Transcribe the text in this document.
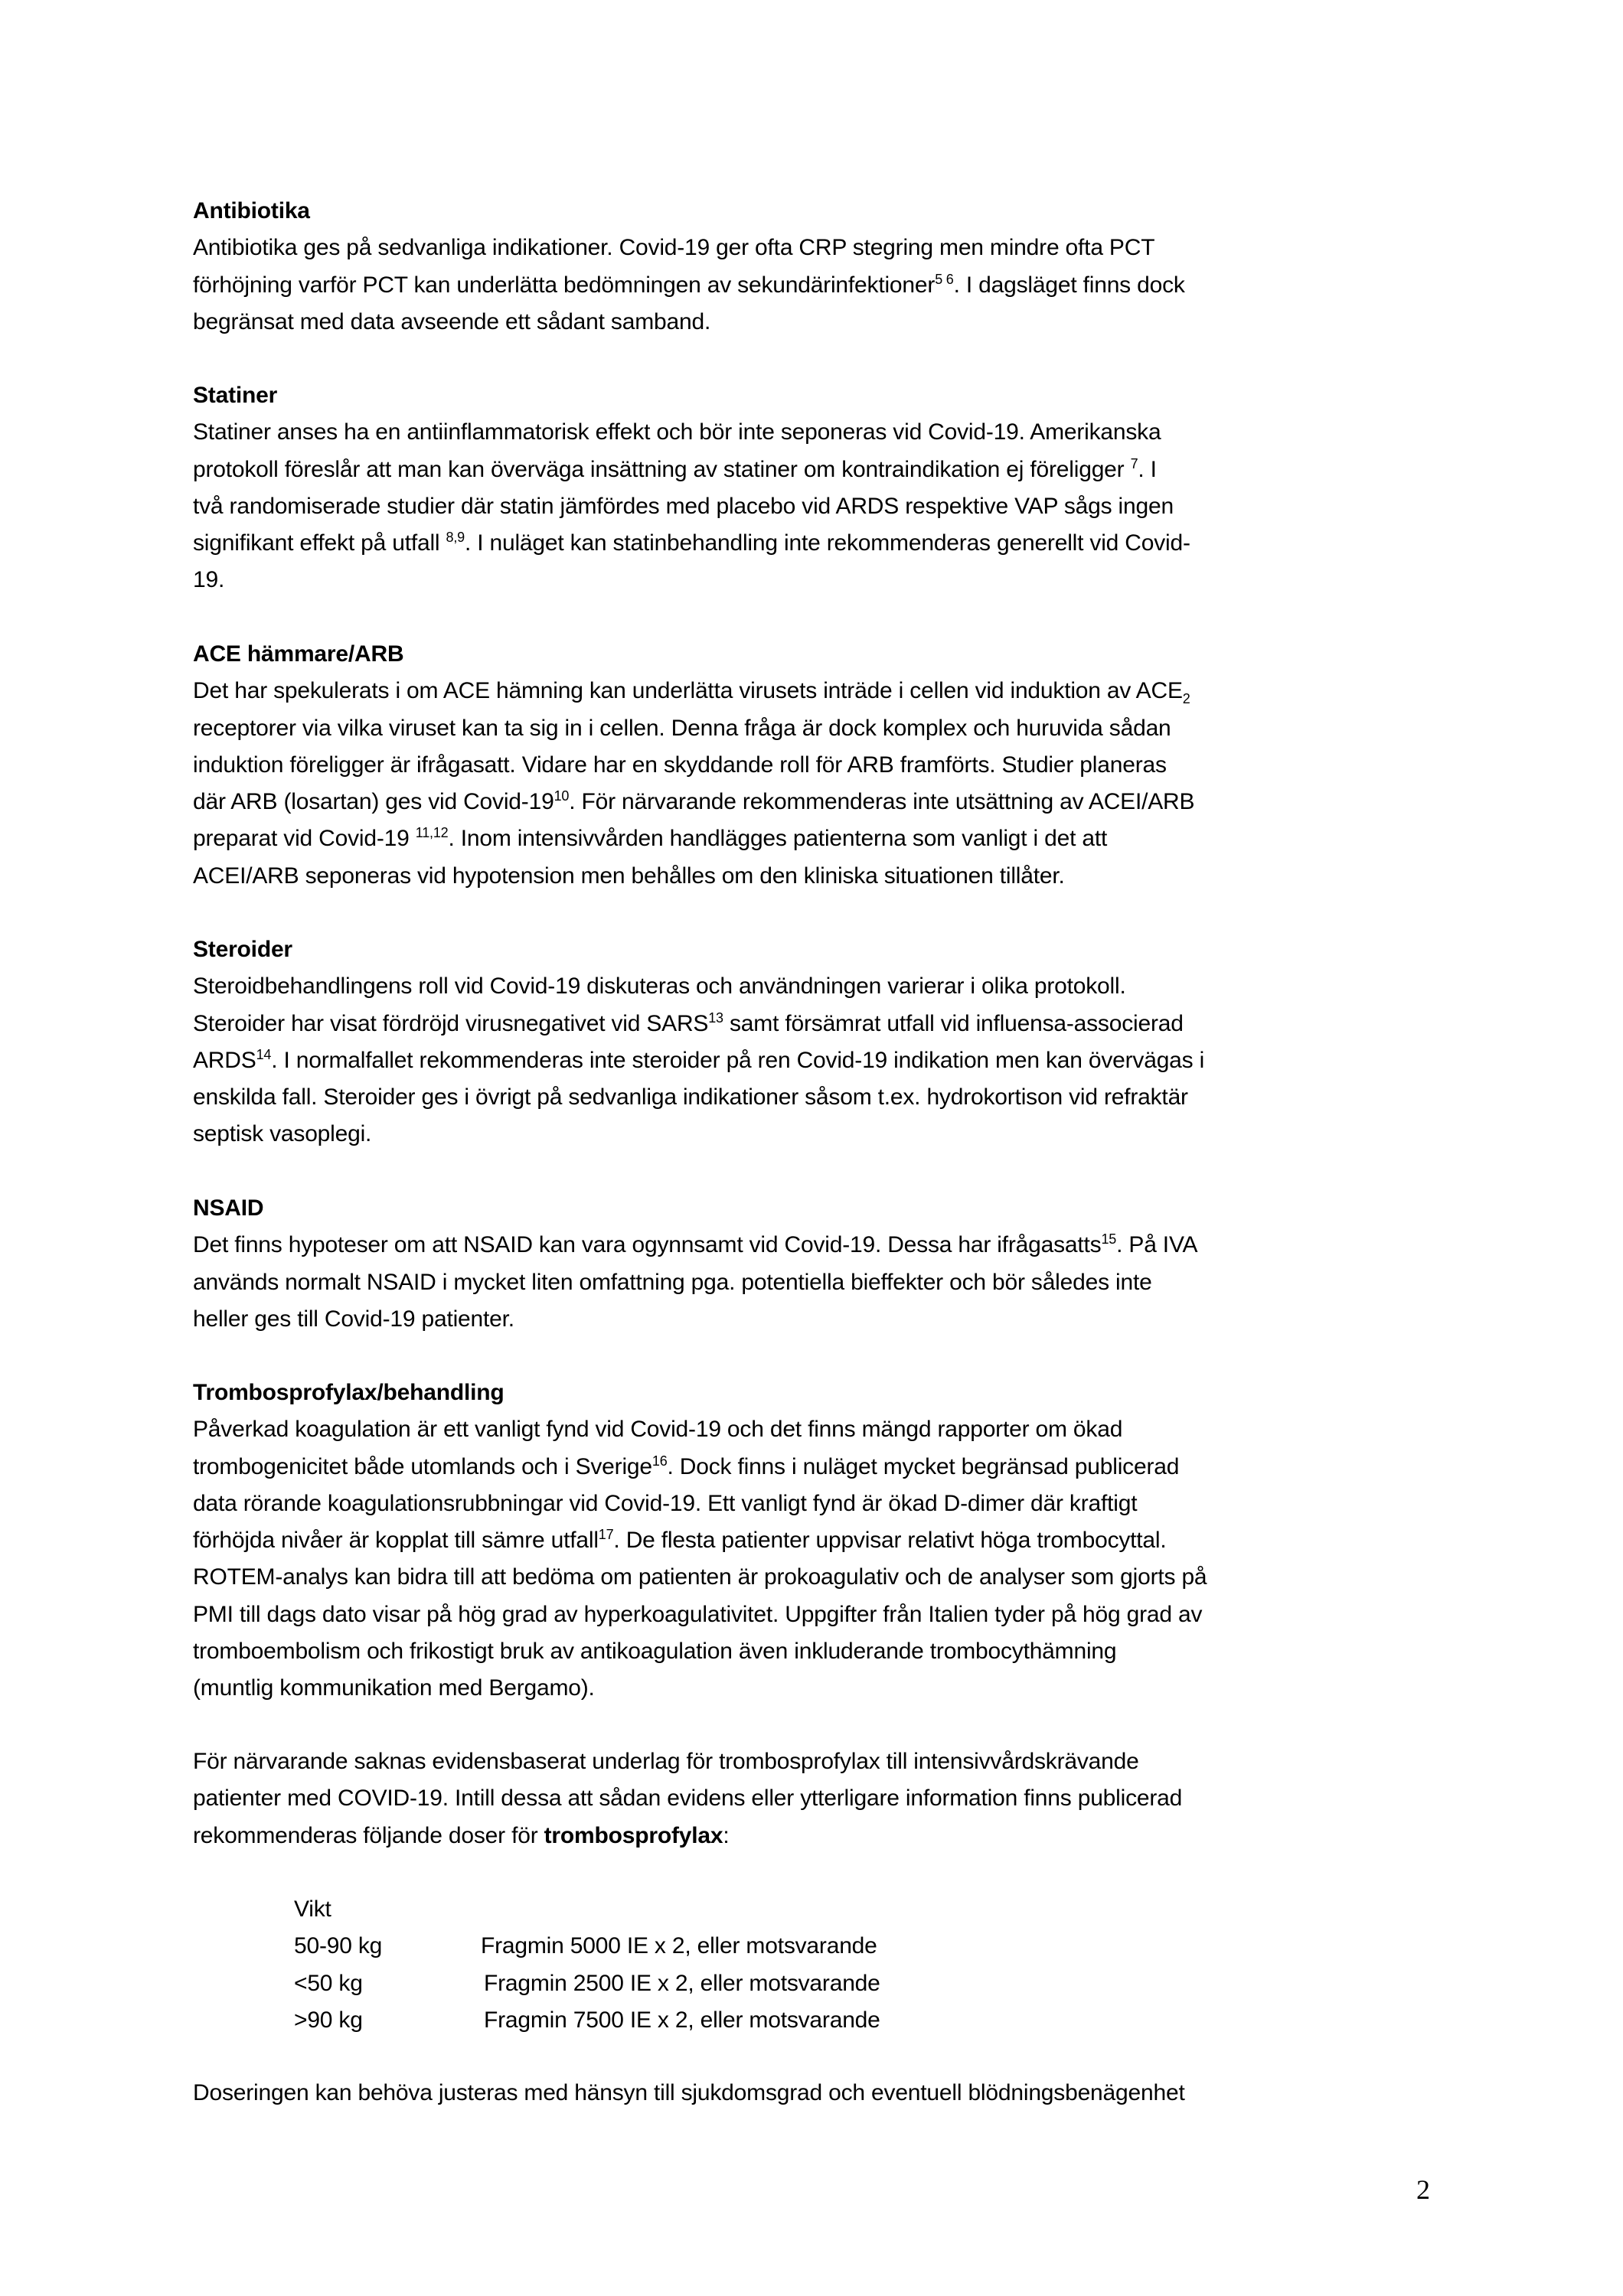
Antibiotika
Antibiotika ges på sedvanliga indikationer. Covid-19 ger ofta CRP stegring men mindre ofta PCT
förhöjning varför PCT kan underlätta bedömningen av sekundärinfektioner$^{5 6}$. I dagsläget finns dock
begränsat med data avseende ett sådant samband.
Statiner
Statiner anses ha en antiinflammatorisk effekt och bör inte seponeras vid Covid-19. Amerikanska
protokoll föreslår att man kan överväga insättning av statiner om kontraindikation ej föreligger $^7$. I
två randomiserade studier där statin jämfördes med placebo vid ARDS respektive VAP sågs ingen
signifikant effekt på utfall $^{8,9}$. I nuläget kan statinbehandling inte rekommenderas generellt vid Covid-
19.
ACE hämmare/ARB
Det har spekulerats i om ACE hämning kan underlätta virusets inträde i cellen vid induktion av $ACE_2$
receptorer via vilka viruset kan ta sig in i cellen. Denna fråga är dock komplex och huruvida sådan
induktion föreligger är ifrågasatt. Vidare har en skyddande roll för ARB framförts. Studier planeras
där ARB (losartan) ges vid Covid-$19^{10}$. För närvarande rekommenderas inte utsättning av ACEI/ARB
preparat vid Covid-19 $^{11,12}$. Inom intensivvården handlägges patienterna som vanligt i det att
ACEI/ARB seponeras vid hypotension men behålles om den kliniska situationen tillåter.
Steroider
Steroidbehandlingens roll vid Covid-19 diskuteras och användningen varierar i olika protokoll.
Steroider har visat fördröjd virusnegativet vid SARS$^{13}$ samt försämrat utfall vid influensa-associerad
ARDS$^{14}$. I normalfallet rekommenderas inte steroider på ren Covid-19 indikation men kan övervägas i
enskilda fall. Steroider ges i övrigt på sedvanliga indikationer såsom t.ex. hydrokortison vid refraktär
septisk vasoplegi.
NSAID
Det finns hypoteser om att NSAID kan vara ogynnsamt vid Covid-19. Dessa har ifrågasatts$^{15}$. På IVA
används normalt NSAID i mycket liten omfattning pga. potentiella bieffekter och bör således inte
heller ges till Covid-19 patienter.
Trombosprofylax/behandling
Påverkad koagulation är ett vanligt fynd vid Covid-19 och det finns mängd rapporter om ökad
trombogenicitet både utomlands och i Sverige$^{16}$. Dock finns i nuläget mycket begränsad publicerad
data rörande koagulationsrubbningar vid Covid-19. Ett vanligt fynd är ökad D-dimer där kraftigt
förhöjda nivåer är kopplat till sämre utfall$^{17}$. De flesta patienter uppvisar relativt höga trombocyttal.
ROTEM-analys kan bidra till att bedöma om patienten är prokoagulativ och de analyser som gjorts på
PMI till dags dato visar på hög grad av hyperkoagulativitet. Uppgifter från Italien tyder på hög grad av
tromboembolism och frikostigt bruk av antikoagulation även inkluderande trombocythämning
(muntlig kommunikation med Bergamo).
För närvarande saknas evidensbaserat underlag för trombosprofylax till intensivvårdskrävande
patienter med COVID-19. Intill dessa att sådan evidens eller ytterligare information finns publicerad
rekommenderas följande doser för trombosprofylax:
Vikt
50-90 kg	Fragmin 5000 IE x 2, eller motsvarande
<50 kg	Fragmin 2500 IE x 2, eller motsvarande
>90 kg	Fragmin 7500 IE x 2, eller motsvarande
Doseringen kan behöva justeras med hänsyn till sjukdomsgrad och eventuell blödningsbenägenhet
2
